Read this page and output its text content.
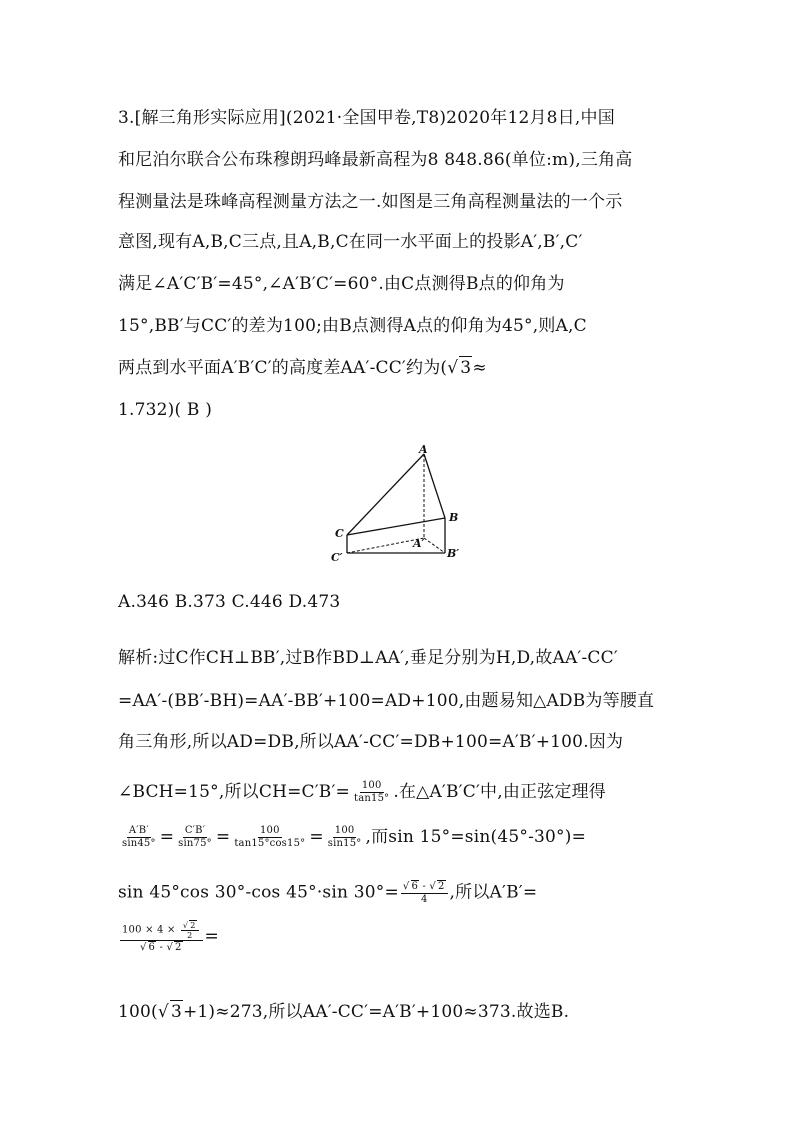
3.[解三角形实际应用](2021·全国甲卷,T8)2020年12月8日,中国
和尼泊尔联合公布珠穆朗玛峰最新高程为8 848.86(单位:m),三角高
程测量法是珠峰高程测量方法之一.如图是三角高程测量法的一个示
意图,现有A,B,C三点,且A,B,C在同一水平面上的投影A′,B′,C′
满足∠A′C′B′=45°,∠A′B′C′=60°.由C点测得B点的仰角为
15°,BB′与CC′的差为100;由B点测得A点的仰角为45°,则A,C
两点到水平面A′B′C′的高度差AA′-CC′约为(√ 3≈
1.732)( B )
A
B
C
A′
B′
C′
A.346 B.373 C.446 D.473
解析:过C作CH⊥BB′,过B作BD⊥AA′,垂足分别为H,D,故AA′-CC′
=AA′-(BB′-BH)=AA′-BB′+100=AD+100,由题易知△ADB为等腰直
角三角形,所以AD=DB,所以AA′-CC′=DB+100=A′B′+100.因为
∠BCH=15°,所以$CH=C'B'= \frac{100}{\tan 15^\circ}$ .在△A′B′C′中,由正弦定理得
$\frac{A'B'}{\sin 45^\circ} = \frac{C'B'}{\sin 75^\circ} = \frac{100}{\tan 15^\circ\cos 15^\circ} = \frac{100}{\sin 15^\circ}$ ,而sin 15°=sin(45°-30°)=
sin 45°cos 30°-cos 45°·sin $30^\circ= \frac{√ 6 - √ 2}{4}$ ,所以A′B′=
$\frac{100 \times 4 \times \frac{√ 2}{2}}{√ 6 - √ 2}$ =
100(√ 3+1)≈273,所以AA′-CC′=A′B′+100≈373.故选B.
